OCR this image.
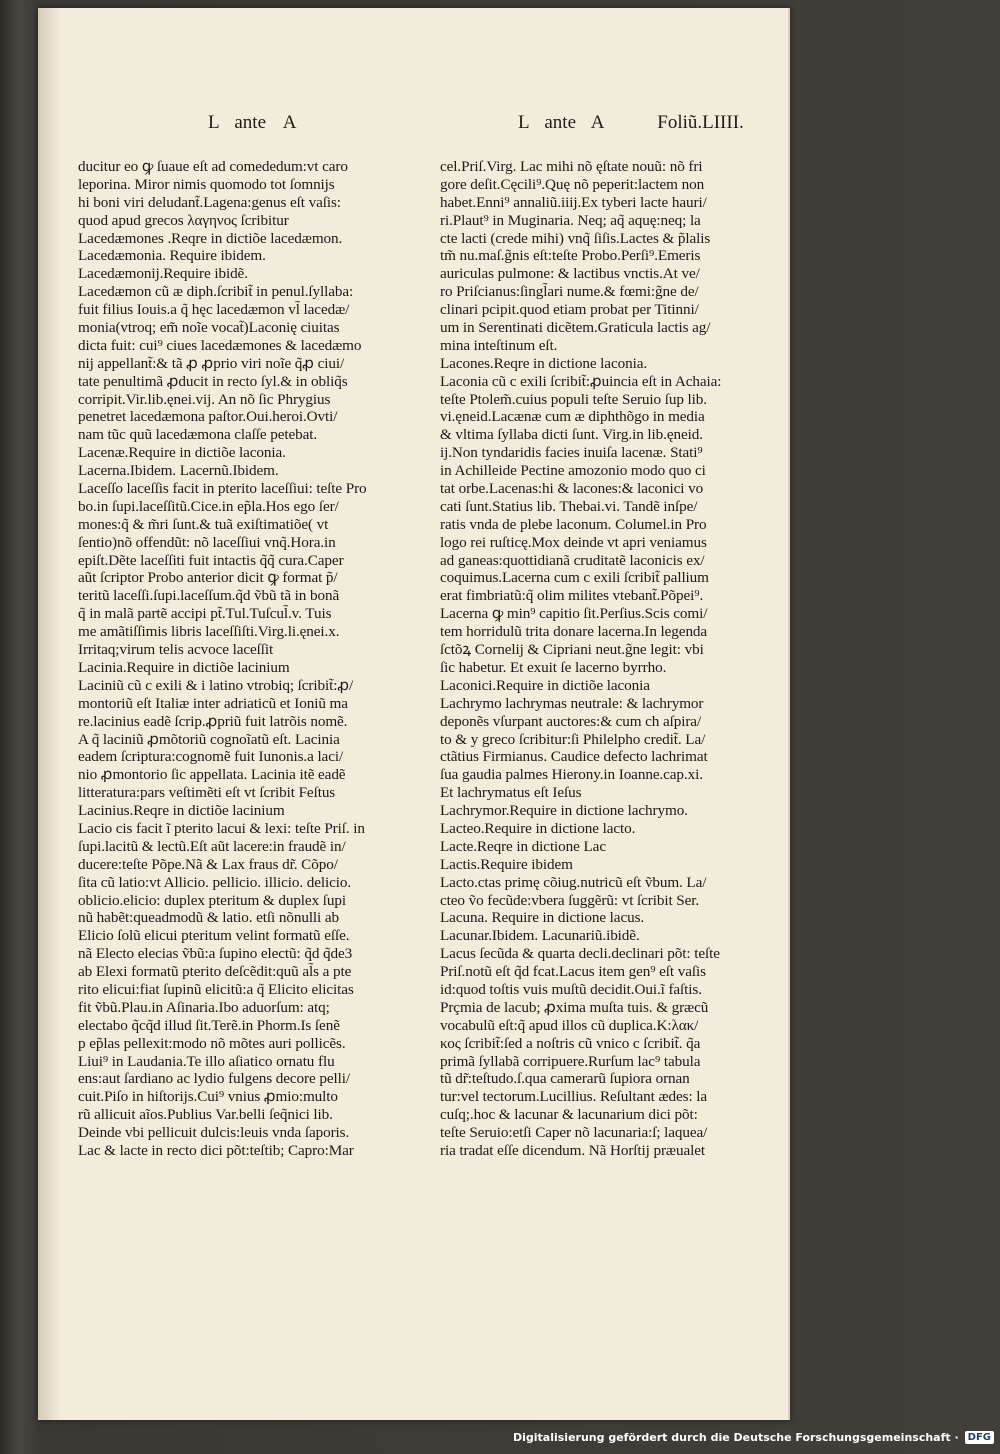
L ante A	L ante A	Foliũ.LIIII.
ducitur eo ꝙ ſuaue eſt ad comededum:vt caro
leporina. Miror nimis quomodo tot ſomnijs
hi boni viri deludant̃.Lagena:genus eſt vaſis:
quod apud grecos λαγηνος ſcribitur
Lacedæmones .Reqre in dictiõe lacedæmon.
Lacedæmonia. Require ibidem.
Lacedæmonij.Require ibidẽ.
Lacedæmon cũ æ diph.ſcribit̃ in penul.ſyllaba:
fuit filius Iouis.a q̃ hęc lacedæmon vl̃ lacedæ/
monia(vtroq; em̃ noĩe vocat̃)Laconię ciuitas
dicta fuit: cui⁹ ciues lacedæmones & lacedæmo
nij appellant̃:& tã ꝓ ꝓprio viri noĩe q̃ꝓ ciui/
tate penultimã ꝓducit in recto ſyl.& in obliq̃s
corripit.Vir.lib.ęnei.vij. An nõ ſic Phrygius
penetret lacedæmona paſtor.Oui.heroi.Ovti/
nam tũc quũ lacedæmona claſſe petebat.
Lacenæ.Require in dictiõe laconia.
Lacerna.Ibidem. Lacernũ.Ibidem.
Laceſſo laceſſis facit in pterito laceſſiui: teſte Pro
bo.in ſupi.laceſſitũ.Cice.in ep̃la.Hos ego ſer/
mones:q̃ & m̃ri ſunt.& tuã exiſtimatiõe( vt
ſentio)nõ offendũt: nõ laceſſiui vnq̃.Hora.in
epiſt.Dẽte laceſſiti fuit intactis q̃q̃ cura.Caper
aũt ſcriptor Probo anterior dicit ꝙ format p̃/
teritũ laceſſi.ſupi.laceſſum.q̃d ṽbũ tã in bonã
q̃ in malã partẽ accipi pt̃.Tul.Tuſcul̃.v. Tuis
me amãtiſſimis libris laceſſiſti.Virg.li.ęnei.x.
Irritaq;virum telis acvoce laceſſit
Lacinia.Require in dictiõe lacinium
Laciniũ cũ c exili & i latino vtrobiq; ſcribit̃:ꝓ/
montoriũ eſt Italiæ inter adriaticũ et Ioniũ ma
re.lacinius eadẽ ſcrip.ꝓpriũ fuit latrõis nomẽ.
A q̃ laciniũ ꝓmõtoriũ cognoĩatũ eſt. Lacinia
eadem ſcriptura:cognomẽ fuit Iunonis.a laci/
nio ꝓmontorio ſic appellata. Lacinia itẽ eadẽ
litteratura:pars veſtimẽti eſt vt ſcribit Feſtus
Lacinius.Reqre in dictiõe lacinium
Lacio cis facit ĩ pterito lacui & lexi: teſte Priſ. in
ſupi.lacitũ & lectũ.Eſt aũt lacere:in fraudẽ in/
ducere:teſte Põpe.Nã & Lax fraus dr̃. Cõpo/
ſita cũ latio:vt Allicio. pellicio. illicio. delicio.
oblicio.elicio: duplex pteritum & duplex ſupi
nũ habẽt:queadmodũ & latio. etſi nõnulli ab
Elicio ſolũ elicui pteritum velint formatũ eſſe.
nã Electo elecias ṽbũ:a ſupino electũ: q̃d q̃de3
ab Elexi formatũ pterito deſcẽdit:quũ al̃s a pte
rito elicui:fiat ſupinũ elicitũ:a q̃ Elicito elicitas
fit ṽbũ.Plau.in Aſinaria.Ibo aduorſum: atq;
electabo q̃cq̃d illud ſit.Terẽ.in Phorm.Is ſenẽ
p ep̃las pellexit:modo nõ mõtes auri pollicẽs.
Liui⁹ in Laudania.Te illo aſiatico ornatu flu
ens:aut ſardiano ac lydio fulgens decore pelli/
cuit.Piſo in hiſtorijs.Cui⁹ vnius ꝓmio:multo
rũ allicuit aĩos.Publius Var.belli ſeq̃nici lib.
Deinde vbi pellicuit dulcis:leuis vnda ſaporis.
Lac & lacte in recto dici põt:teſtib; Capro:Mar
cel.Priſ.Virg. Lac mihi nõ ęſtate nouũ: nõ fri
gore deſit.Cęcili⁹.Quę nõ peperit:lactem non
habet.Enni⁹ annaliũ.iiij.Ex tyberi lacte hauri/
ri.Plaut⁹ in Muginaria. Neq; aq̃ aquę:neq; la
cte lacti (crede mihi) vnq̃ ſiſis.Lactes & p̃lalis
tm̃ nu.maſ.g̃nis eſt:teſte Probo.Perſi⁹.Emeris
auriculas pulmone: & lactibus vnctis.At ve/
ro Priſcianus:ſingl̃ari nume.& fœmi:g̃ne de/
clinari pcipit.quod etiam probat per Titinni/
um in Serentinati dicẽtem.Graticula lactis ag/
mina inteſtinum eſt.
Lacones.Reqre in dictione laconia.
Laconia cũ c exili ſcribit̃:ꝓuincia eſt in Achaia:
teſte Ptolem̃.cuius populi teſte Seruio ſup lib.
vi.ęneid.Lacænæ cum æ diphthõgo in media
& vltima ſyllaba dicti ſunt. Virg.in lib.ęneid.
ij.Non tyndaridis facies inuiſa lacenæ. Stati⁹
in Achilleide Pectine amozonio modo quo ci
tat orbe.Lacenas:hi & lacones:& laconici vo
cati ſunt.Statius lib. Thebai.vi. Tandẽ inſpe/
ratis vnda de plebe laconum. Columel.in Pro
logo rei ruſticę.Mox deinde vt apri veniamus
ad ganeas:quottidianã cruditatẽ laconicis ex/
coquimus.Lacerna cum c exili ſcribit̃ pallium
erat fimbriatũ:q̃ olim milites vtebant̃.Põpei⁹.
Lacerna ꝙ min⁹ capitio ſit.Perſius.Scis comi/
tem horridulũ trita donare lacerna.In legenda
ſctõꝝ Cornelij & Cipriani neut.g̃ne legit: vbi
ſic habetur. Et exuit ſe lacerno byrrho.
Laconici.Require in dictiõe laconia
Lachrymo lachrymas neutrale: & lachrymor
deponẽs vſurpant auctores:& cum ch aſpira/
to & y greco ſcribitur:ſi Philelpho credit̃. La/
ctãtius Firmianus. Caudice defecto lachrimat
ſua gaudia palmes Hierony.in Ioanne.cap.xi.
Et lachrymatus eſt Ieſus
Lachrymor.Require in dictione lachrymo.
Lacteo.Require in dictione lacto.
Lacte.Reqre in dictione Lac
Lactis.Require ibidem
Lacto.ctas primę cõiug.nutricũ eſt ṽbum. La/
cteo ṽo fecũde:vbera ſuggẽrũ: vt ſcribit Ser.
Lacuna. Require in dictione lacus.
Lacunar.Ibidem. Lacunariũ.ibidẽ.
Lacus ſecũda & quarta decli.declinari põt: teſte
Priſ.notũ eſt q̃d fcat.Lacus item gen⁹ eſt vaſis
id:quod toſtis vuis muſtũ decidit.Oui.ĩ faſtis.
Prçmia de lacub; ꝓxima muſta tuis. & græcũ
vocabulũ eſt:q̃ apud illos cũ duplica.K:λακ/
κος ſcribit̃:ſed a noſtris cũ vnico c ſcribit̃. q̃a
primã ſyllabã corripuere.Rurſum lac⁹ tabula
tũ dr̃:teſtudo.ſ.qua camerarũ ſupiora ornan
tur:vel tectorum.Lucillius. Reſultant ædes: la
cuſq;.hoc & lacunar & lacunarium dici põt:
teſte Seruio:etſi Caper nõ lacunaria:ſ; laquea/
ria tradat eſſe dicendum. Nã Horſtij præualet
Digitalisierung gefördert durch die Deutsche Forschungsgemeinschaft · DFG
